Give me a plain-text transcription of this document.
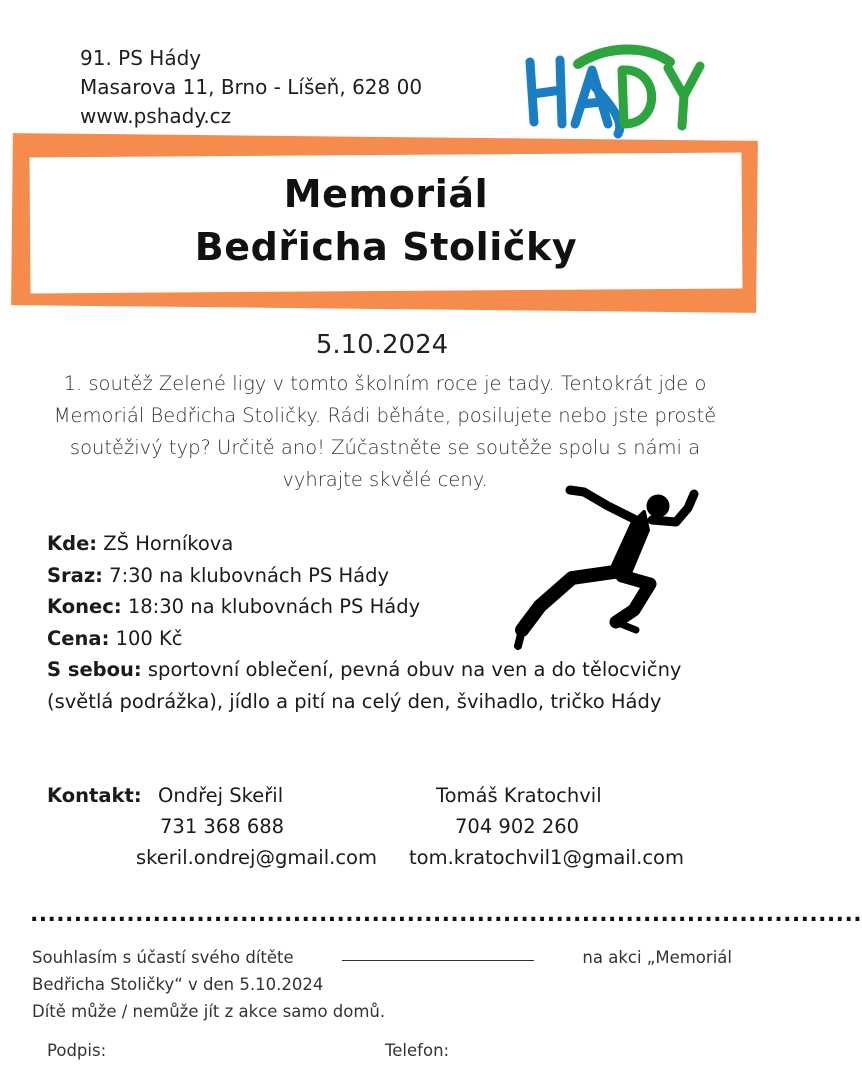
91. PS Hády
Masarova 11, Brno - Líšeň, 628 00
www.pshady.cz
Memoriál
Bedřicha Stoličky
5.10.2024
1. soutěž Zelené ligy v tomto školním roce je tady. Tentokrát jde o Memoriál Bedřicha Stoličky. Rádi běháte, posilujete nebo jste prostě soutěživý typ? Určitě ano! Zúčastněte se soutěže spolu s námi a vyhrajte skvělé ceny.
Kde: ZŠ Horníkova
Sraz: 7:30 na klubovnách PS Hády
Konec: 18:30 na klubovnách PS Hády
Cena: 100 Kč
S sebou: sportovní oblečení, pevná obuv na ven a do tělocvičny (světlá podrážka), jídlo a pití na celý den, švihadlo, tričko Hády
Kontakt: Ondřej Skeřil
731 368 688
skeril.ondrej@gmail.com
Tomáš Kratochvil
704 902 260
tom.kratochvil1@gmail.com
...............................................................................................
Souhlasím s účastí svého dítěte	na akci „Memoriál
Bedřicha Stoličky“ v den 5.10.2024
Dítě může / nemůže jít z akce samo domů.
Podpis:	Telefon:
